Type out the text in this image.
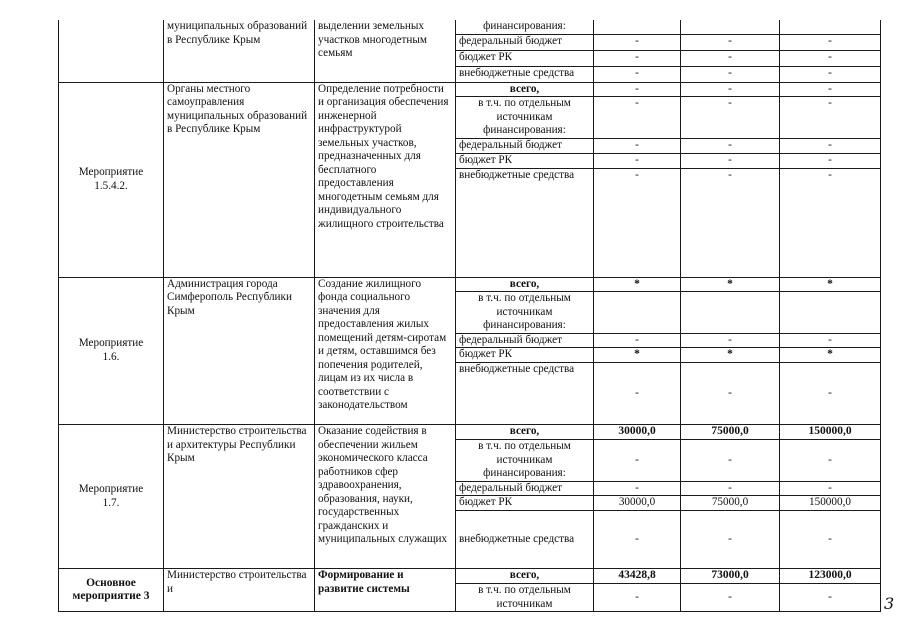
	муниципальных образований в Республике Крым	выделении земельных участков многодетным семьям	финансирования:			
			федеральный бюджет	-	-	-
			бюджет РК	-	-	-
			внебюджетные средства	-	-	-

Мероприятие
1.5.4.2.	Органы местного самоуправления муниципальных образований в Республике Крым	Определение потребности и организация обеспечения инженерной инфраструктурой земельных участков, предназначенных для бесплатного предоставления многодетным семьям для индивидуального жилищного строительства	всего,	-	-	-
			в т.ч. по отдельным источникам финансирования:	-	-	-
			федеральный бюджет	-	-	-
			бюджет РК	-	-	-
			внебюджетные средства	-	-	-

Мероприятие
1.6.	Администрация города Симферополь Республики Крым	Создание жилищного фонда социального значения для предоставления жилых помещений детям-сиротам и детям, оставшимся без попечения родителей, лицам из их числа в соответствии с законодательством	всего,	*	*	*
			в т.ч. по отдельным источникам финансирования:			
			федеральный бюджет	-	-	-
			бюджет РК	*	*	*
			внебюджетные средства	-	-	-

Мероприятие
1.7.	Министерство строительства и архитектуры Республики Крым	Оказание содействия в обеспечении жильем экономического класса работников сфер здравоохранения, образования, науки, государственных гражданских и муниципальных служащих	всего,	30000,0	75000,0	150000,0
			в т.ч. по отдельным источникам финансирования:	-	-	-
			федеральный бюджет	-	-	-
			бюджет РК	30000,0	75000,0	150000,0
			внебюджетные средства	-	-	-

Основное
мероприятие 3	Министерство строительства и	Формирование и развитие системы	всего,	43428,8	73000,0	123000,0
			в т.ч. по отдельным источникам	-	-	-	3
